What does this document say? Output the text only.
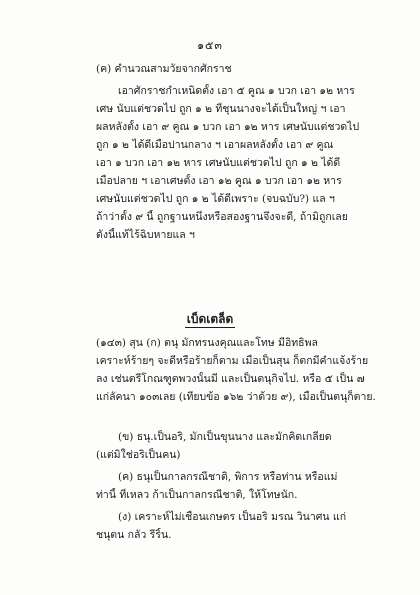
๑๕๓
(ค) คำนวณสามวัยจากศักราช
เอาศักราชกำเหนิดตั้ง เอา ๕ คูณ ๑ บวก เอา ๑๒ หาร
เศษ นับแต่ชวดไป ถูก ๑ ๒ ที่ชุนนางจะได้เป็นใหญ่ ฯ เอา
ผลหลังตั้ง เอา ๙ คูณ ๑ บวก เอา ๑๒ หาร เศษนับแต่ชวดไป
ถูก ๑ ๒ ได้ดีเมื่อปานกลาง ฯ เอาผลหลังตั้ง เอา ๙ คูณ
เอา ๑ บวก เอา ๑๒ หาร เศษนับแต่ชวดไป ถูก ๑ ๒ ได้ดี
เมื่อปลาย ฯ เอาเศษตั้ง เอา ๑๒ คูณ ๑ บวก เอา ๑๒ หาร
เศษนับแต่ชวดไป ถูก ๑ ๒ ได้ดีเพราะ (จบฉบับ?) แล ฯ
ถ้าว่าตั้ง ๙ นี้ ถูกฐานหนึ่งหรือสองฐานจึงจะดี, ถ้ามิถูกเลย
ดังนี้แท้ไร้ฉิบหายแล ฯ
เบ็ดเตล็ด
(๑๔๓) สุน (ก) ตนุ มักทรนงคุณและโทษ มีอิทธิพล
เคราะห์ร้ายๆ จะดีหรือร้ายก็ตาม เมื่อเป็นสุน ก็ตกมีคำแจ้งร้าย
ลง เช่นตรีโกณฑูตพวงนั้นมี และเป็นตนุกิจไป. หรือ ๕ เป็น ๗
แก่ลัคนา ๑๐๓เลย (เทียบข้อ ๑๖๒ ว่าด้วย ๙), เมื่อเป็นตนุก็ตาย.
(ข) ธนุ.เป็นอริ, มักเป็นขุนนาง และมักคิดเกลียด
(แต่มิใช่อริเป็นคน)
(ค) ธนุเป็นกาลกรณีชาติ, พิการ หรือท่าน หรือแม่
ท่านี้ ที่เหลว ก้าเป็นกาลกรณีชาติ, ให้โทษนัก.
(ง) เคราะห์ไม่เชื่อนเกษตร เป็นอริ มรณ วินาศน แก่
ชนุตน กลัว รีริ้น.
